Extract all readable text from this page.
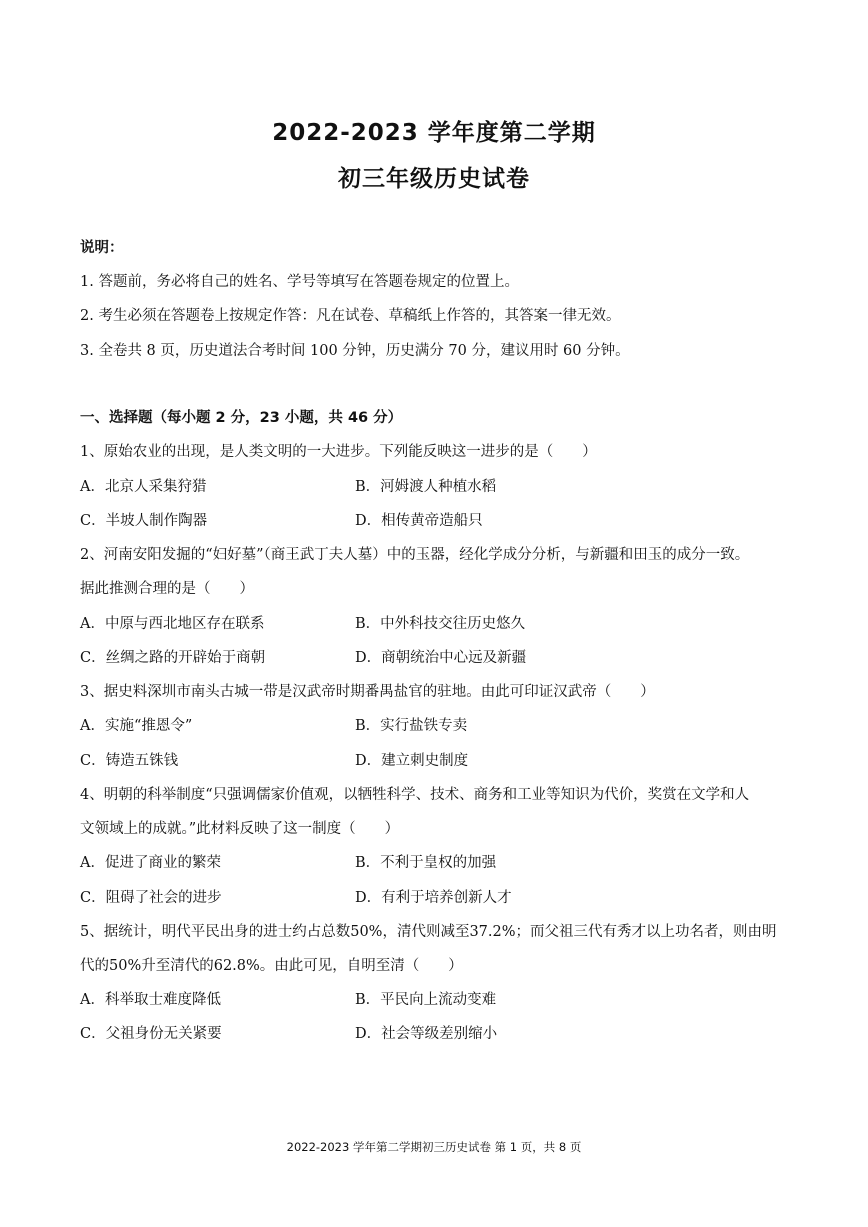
2022-2023 学年度第二学期
初三年级历史试卷
说明：
1. 答题前，务必将自己的姓名、学号等填写在答题卷规定的位置上。
2. 考生必须在答题卷上按规定作答：凡在试卷、草稿纸上作答的，其答案一律无效。
3. 全卷共 8 页，历史道法合考时间 100 分钟，历史满分 70 分，建议用时 60 分钟。
一、选择题（每小题 2 分，23 小题，共 46 分）
1、原始农业的出现，是人类文明的一大进步。下列能反映这一进步的是（　　）
A．北京人采集狩猎	B．河姆渡人种植水稻
C．半坡人制作陶器	D．相传黄帝造船只
2、河南安阳发掘的“妇好墓”（商王武丁夫人墓）中的玉器，经化学成分分析，与新疆和田玉的成分一致。
据此推测合理的是（　　）
A．中原与西北地区存在联系	B．中外科技交往历史悠久
C．丝绸之路的开辟始于商朝	D．商朝统治中心远及新疆
3、据史料深圳市南头古城一带是汉武帝时期番禺盐官的驻地。由此可印证汉武帝（　　）
A．实施“推恩令”	B．实行盐铁专卖
C．铸造五铢钱	D．建立刺史制度
4、明朝的科举制度“只强调儒家价值观，以牺牲科学、技术、商务和工业等知识为代价，奖赏在文学和人
文领域上的成就。”此材料反映了这一制度（　　）
A．促进了商业的繁荣	B．不利于皇权的加强
C．阻碍了社会的进步	D．有利于培养创新人才
5、据统计，明代平民出身的进士约占总数50%，清代则减至37.2%；而父祖三代有秀才以上功名者，则由明
代的50%升至清代的62.8%。由此可见，自明至清（　　）
A．科举取士难度降低	B．平民向上流动变难
C．父祖身份无关紧要	D．社会等级差别缩小
2022-2023 学年第二学期初三历史试卷 第 1 页，共 8 页
